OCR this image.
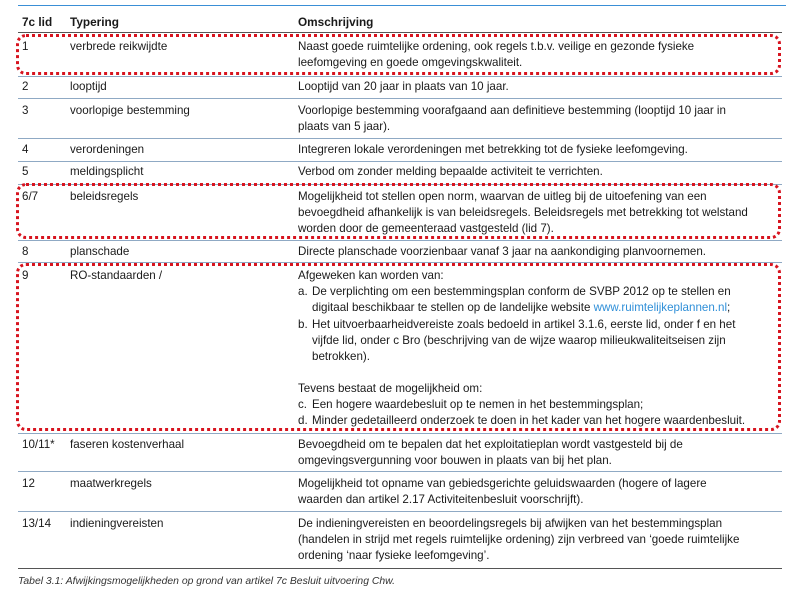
7c lid Typering	Omschrijving
1	verbrede reikwijdte	Naast goede ruimtelijke ordening, ook regels t.b.v. veilige en gezonde fysieke
leefomgeving en goede omgevingskwaliteit.
2	looptijd	Looptijd van 20 jaar in plaats van 10 jaar.
3	voorlopige bestemming	Voorlopige bestemming voorafgaand aan definitieve bestemming (looptijd 10 jaar in
plaats van 5 jaar).
4	verordeningen	Integreren lokale verordeningen met betrekking tot de fysieke leefomgeving.
5	meldingsplicht	Verbod om zonder melding bepaalde activiteit te verrichten.
6/7	beleidsregels	Mogelijkheid tot stellen open norm, waarvan de uitleg bij de uitoefening van een
bevoegdheid afhankelijk is van beleidsregels. Beleidsregels met betrekking tot welstand
worden door de gemeenteraad vastgesteld (lid 7).
8	planschade	Directe planschade voorzienbaar vanaf 3 jaar na aankondiging planvoornemen.
9	RO-standaarden /	Afgeweken kan worden van:
a. De verplichting om een bestemmingsplan conform de SVBP 2012 op te stellen en
digitaal beschikbaar te stellen op de landelijke website www.ruimtelijkeplannen.nl;
b. Het uitvoerbaarheidvereiste zoals bedoeld in artikel 3.1.6, eerste lid, onder f en het
vijfde lid, onder c Bro (beschrijving van de wijze waarop milieukwaliteitseisen zijn
betrokken).
Tevens bestaat de mogelijkheid om:
c. Een hogere waardebesluit op te nemen in het bestemmingsplan;
d. Minder gedetailleerd onderzoek te doen in het kader van het hogere waardenbesluit.
10/11* faseren kostenverhaal	Bevoegdheid om te bepalen dat het exploitatieplan wordt vastgesteld bij de
omgevingsvergunning voor bouwen in plaats van bij het plan.
12	maatwerkregels	Mogelijkheid tot opname van gebiedsgerichte geluidswaarden (hogere of lagere
waarden dan artikel 2.17 Activiteitenbesluit voorschrijft).
13/14 indieningvereisten	De indieningvereisten en beoordelingsregels bij afwijken van het bestemmingsplan
(handelen in strijd met regels ruimtelijke ordening) zijn verbreed van ‘goede ruimtelijke
ordening ‘naar fysieke leefomgeving’.
Tabel 3.1: Afwijkingsmogelijkheden op grond van artikel 7c Besluit uitvoering Chw.
